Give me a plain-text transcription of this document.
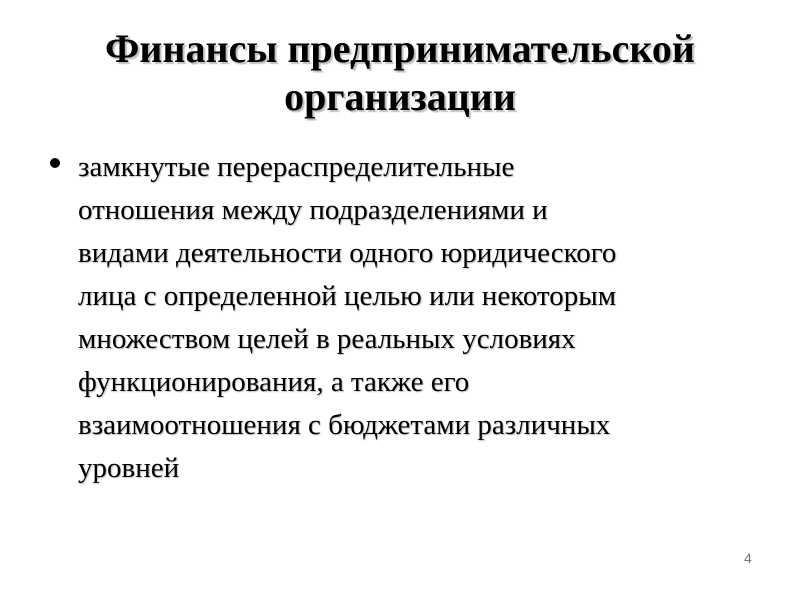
Финансы предпринимательской
организации
замкнутые перераспределительные
отношения между подразделениями и
видами деятельности одного юридического
лица с определенной целью или некоторым
множеством целей в реальных условиях
функционирования, а также его
взаимоотношения с бюджетами различных
уровней
4
